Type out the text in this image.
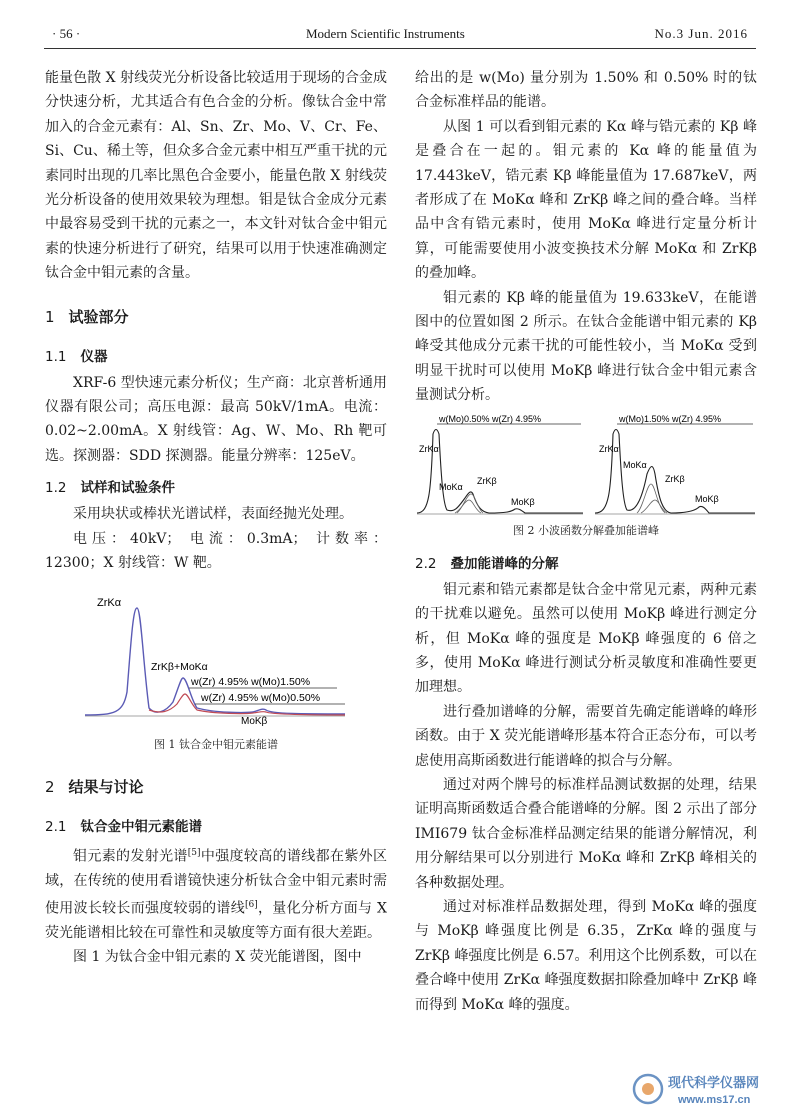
· 56 ·	Modern Scientific Instruments	No.3 Jun. 2016

能量色散 X 射线荧光分析设备比较适用于现场的合金成分快速分析，尤其适合有色合金的分析。像钛合金中常加入的合金元素有：Al、Sn、Zr、Mo、V、Cr、Fe、Si、Cu、稀土等，但众多合金元素中相互严重干扰的元素同时出现的几率比黑色合金要小，能量色散 X 射线荧光分析设备的使用效果较为理想。钼是钛合金成分元素中最容易受到干扰的元素之一，本文针对钛合金中钼元素的快速分析进行了研究，结果可以用于快速准确测定钛合金中钼元素的含量。

1 试验部分
1.1 仪器

XRF-6 型快速元素分析仪；生产商：北京普析通用仪器有限公司；高压电源：最高 50kV/1mA。电流：0.02~2.00mA。X 射线管：Ag、W、Mo、Rh 靶可选。探测器：SDD 探测器。能量分辨率：125eV。

1.2 试样和试验条件

采用块状或棒状光谱试样，表面经抛光处理。

电压：40kV； 电流：0.3mA； 计数率：12300；X 射线管：W 靶。

ZrKα
ZrKβ+MoKα
w(Zr) 4.95% w(Mo)1.50%
w(Zr) 4.95% w(Mo)0.50%
MoKβ

图 1 钛合金中钼元素能谱

2 结果与讨论
2.1 钛合金中钼元素能谱

钼元素的发射光谱[5]中强度较高的谱线都在紫外区域，在传统的使用看谱镜快速分析钛合金中钼元素时需使用波长较长而强度较弱的谱线[6]，量化分析方面与 X 荧光能谱相比较在可靠性和灵敏度等方面有很大差距。

图 1 为钛合金中钼元素的 X 荧光能谱图，图中

给出的是 w(Mo) 量分别为 1.50% 和 0.50% 时的钛合金标准样品的能谱。

从图 1 可以看到钼元素的 Kα 峰与锆元素的 Kβ 峰是叠合在一起的。钼元素的 Kα 峰的能量值为 17.443keV，锆元素 Kβ 峰能量值为 17.687keV，两者形成了在 MoKα 峰和 ZrKβ 峰之间的叠合峰。当样品中含有锆元素时，使用 MoKα 峰进行定量分析计算，可能需要使用小波变换技术分解 MoKα 和 ZrKβ 的叠加峰。

钼元素的 Kβ 峰的能量值为 19.633keV，在能谱图中的位置如图 2 所示。在钛合金能谱中钼元素的 Kβ 峰受其他成分元素干扰的可能性较小，当 MoKα 受到明显干扰时可以使用 MoKβ 峰进行钛合金中钼元素含量测试分析。

w(Mo)0.50% w(Zr) 4.95%
ZrKα
MoKα
ZrKβ
MoKβ
w(Mo)1.50% w(Zr) 4.95%
ZrKα
MoKα
ZrKβ
MoKβ

图 2 小波函数分解叠加能谱峰

2.2 叠加能谱峰的分解

钼元素和锆元素都是钛合金中常见元素，两种元素的干扰难以避免。虽然可以使用 MoKβ 峰进行测定分析，但 MoKα 峰的强度是 MoKβ 峰强度的 6 倍之多，使用 MoKα 峰进行测试分析灵敏度和准确性要更加理想。

进行叠加谱峰的分解，需要首先确定能谱峰的峰形函数。由于 X 荧光能谱峰形基本符合正态分布，可以考虑使用高斯函数进行能谱峰的拟合与分解。

通过对两个牌号的标准样品测试数据的处理，结果证明高斯函数适合叠合能谱峰的分解。图 2 示出了部分 IMI679 钛合金标准样品测定结果的能谱分解情况，利用分解结果可以分别进行 MoKα 峰和 ZrKβ 峰相关的各种数据处理。

通过对标准样品数据处理，得到 MoKα 峰的强度与 MoKβ 峰强度比例是 6.35，ZrKα 峰的强度与 ZrKβ 峰强度比例是 6.57。利用这个比例系数，可以在叠合峰中使用 ZrKα 峰强度数据扣除叠加峰中 ZrKβ 峰而得到 MoKα 峰的强度。

现代科学仪器网
www.ms17.cn
